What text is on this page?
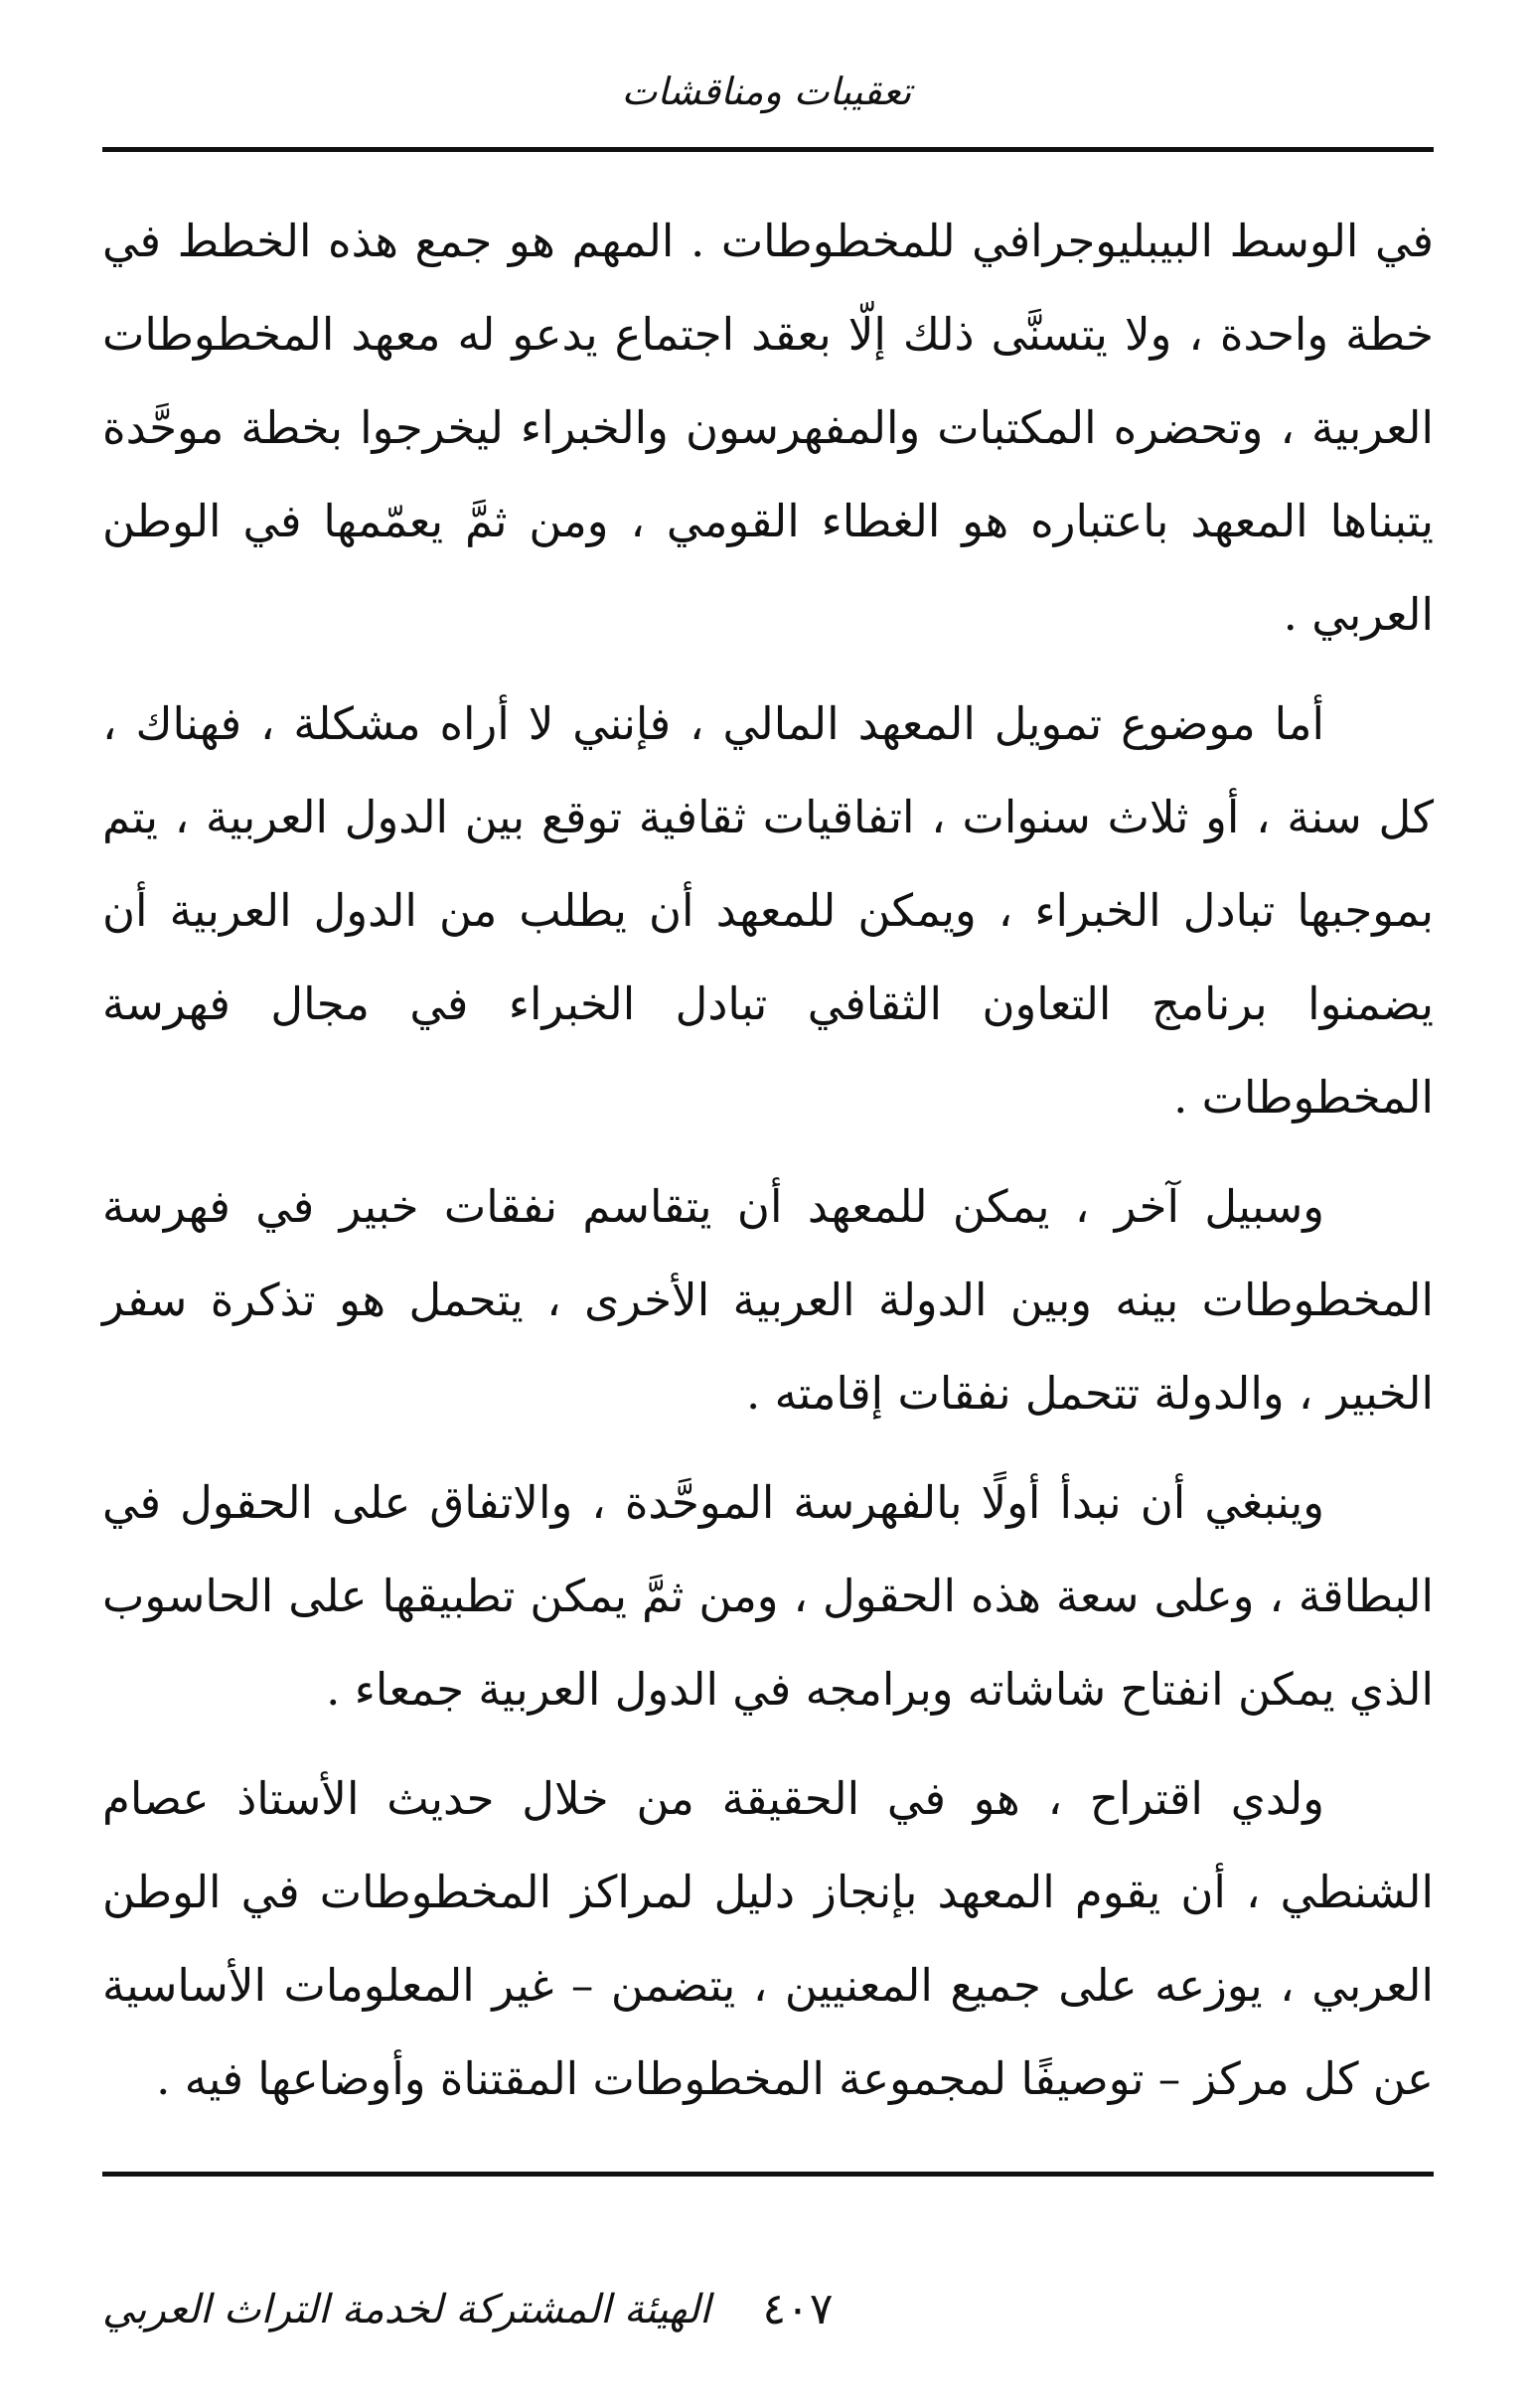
تعقيبات ومناقشات

في الوسط البيبليوجرافي للمخطوطات . المهم هو جمع هذه الخطط في خطة واحدة ، ولا يتسنَّى ذلك إلّا بعقد اجتماع يدعو له معهد المخطوطات العربية ، وتحضره المكتبات والمفهرسون والخبراء ليخرجوا بخطة موحَّدة يتبناها المعهد باعتباره هو الغطاء القومي ، ومن ثمَّ يعمّمها في الوطن العربي .

أما موضوع تمويل المعهد المالي ، فإنني لا أراه مشكلة ، فهناك ، كل سنة ، أو ثلاث سنوات ، اتفاقيات ثقافية توقع بين الدول العربية ، يتم بموجبها تبادل الخبراء ، ويمكن للمعهد أن يطلب من الدول العربية أن يضمنوا برنامج التعاون الثقافي تبادل الخبراء في مجال فهرسة المخطوطات .

وسبيل آخر ، يمكن للمعهد أن يتقاسم نفقات خبير في فهرسة المخطوطات بينه وبين الدولة العربية الأخرى ، يتحمل هو تذكرة سفر الخبير ، والدولة تتحمل نفقات إقامته .

وينبغي أن نبدأ أولًا بالفهرسة الموحَّدة ، والاتفاق على الحقول في البطاقة ، وعلى سعة هذه الحقول ، ومن ثمَّ يمكن تطبيقها على الحاسوب الذي يمكن انفتاح شاشاته وبرامجه في الدول العربية جمعاء .

ولدي اقتراح ، هو في الحقيقة من خلال حديث الأستاذ عصام الشنطي ، أن يقوم المعهد بإنجاز دليل لمراكز المخطوطات في الوطن العربي ، يوزعه على جميع المعنيين ، يتضمن – غير المعلومات الأساسية عن كل مركز – توصيفًا لمجموعة المخطوطات المقتناة وأوضاعها فيه .

٤٠٧
الهيئة المشتركة لخدمة التراث العربي
